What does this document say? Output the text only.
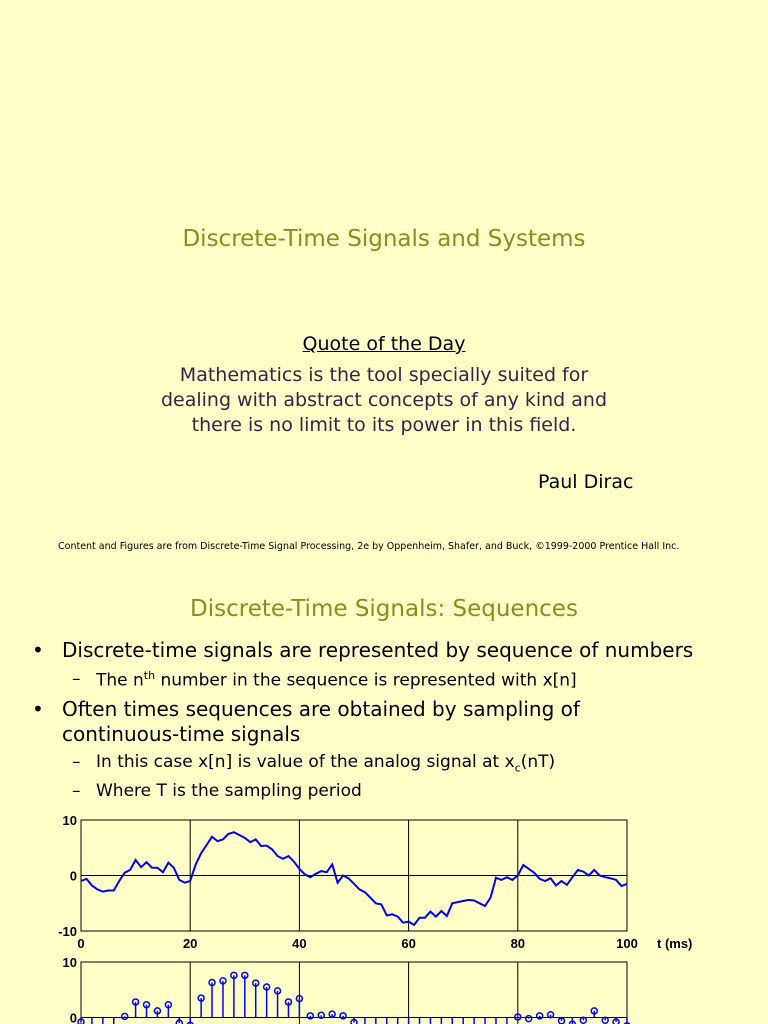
Discrete-Time Signals and Systems
Quote of the Day
Mathematics is the tool specially suited for
dealing with abstract concepts of any kind and
there is no limit to its power in this field.
Paul Dirac
Content and Figures are from Discrete-Time Signal Processing, 2e by Oppenheim, Shafer, and Buck, ©1999-2000 Prentice Hall Inc.
Discrete-Time Signals: Sequences
• Discrete-time signals are represented by sequence of numbers
– The $n^{th}$ number in the sequence is represented with x[n]
• Often times sequences are obtained by sampling of
continuous-time signals
– In this case x[n] is value of the analog signal at $x_c(nT)$
– Where T is the sampling period
10
0
-10
0	20	40	60	80	100 t (ms)
10
0
